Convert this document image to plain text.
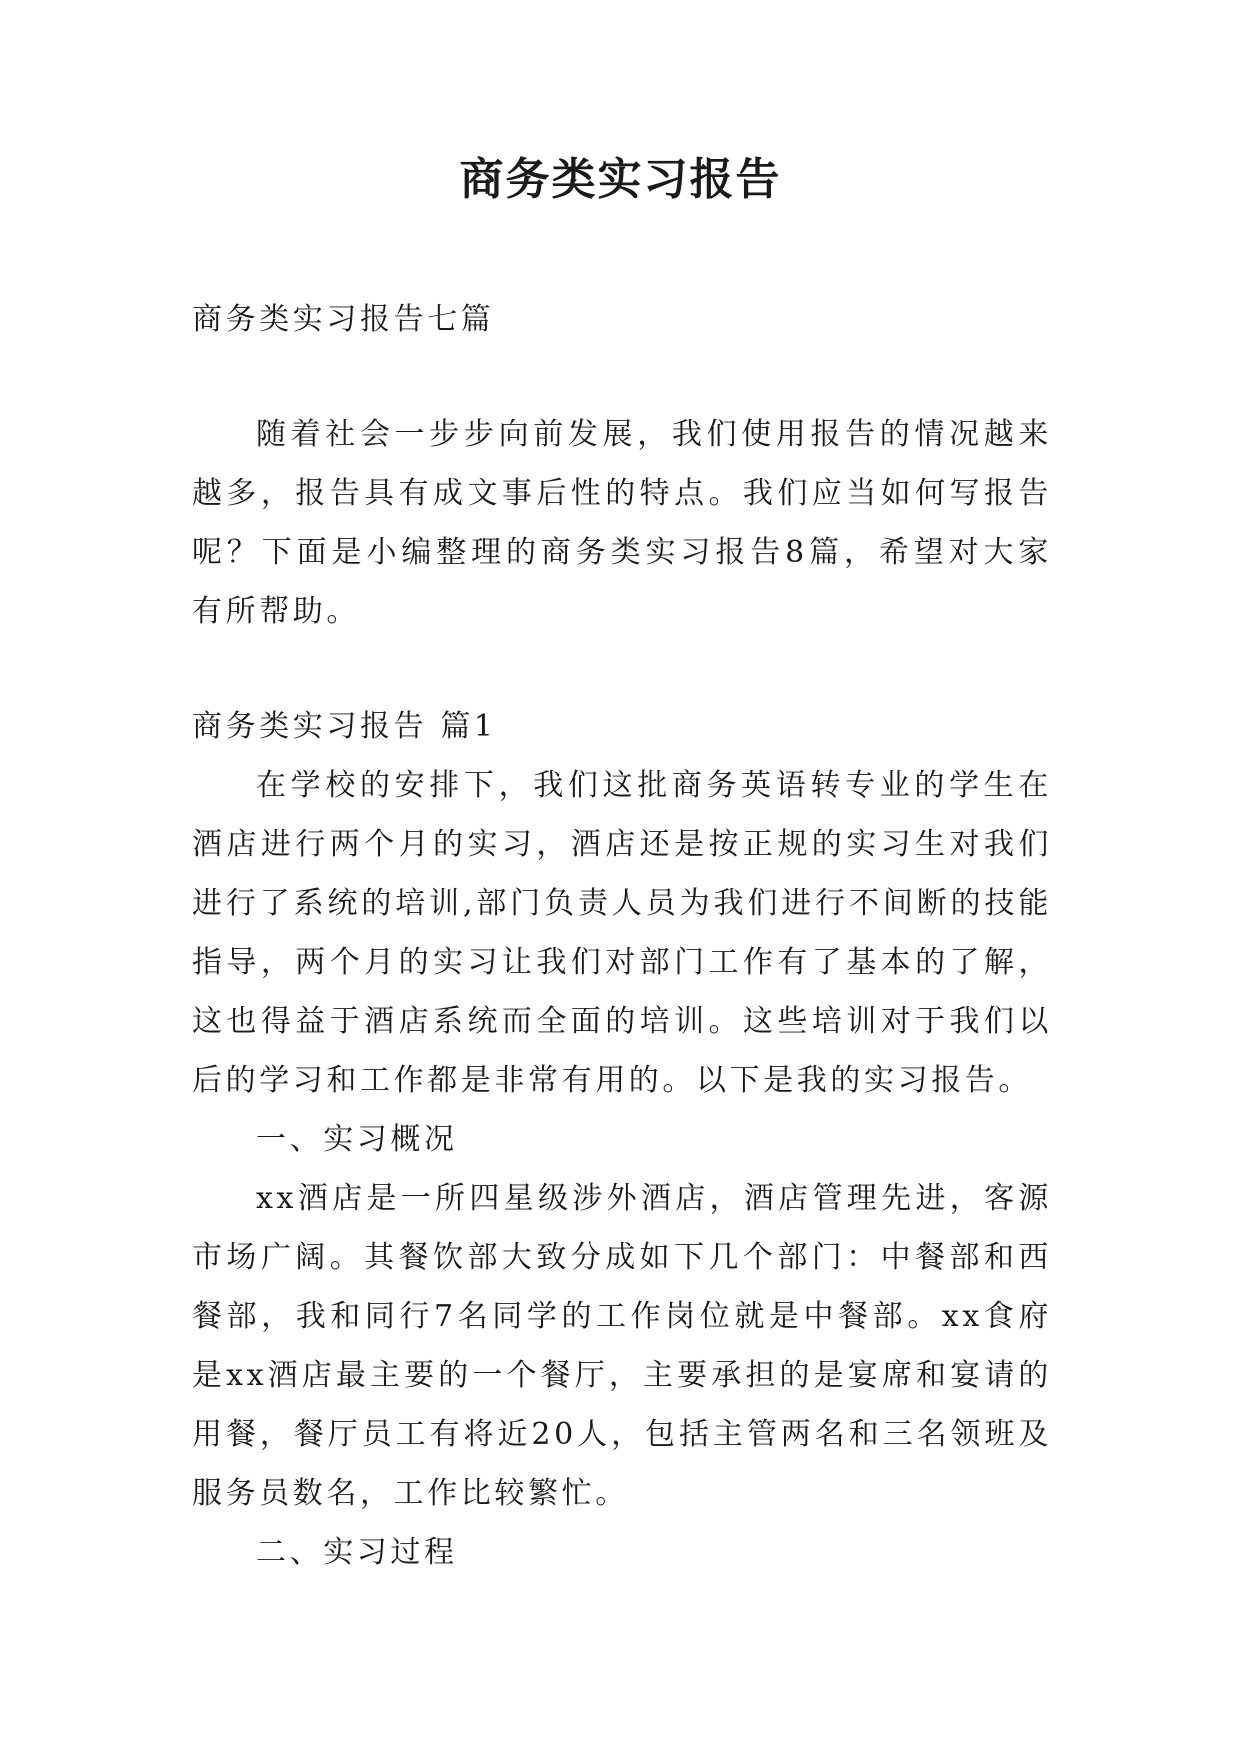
商务类实习报告

商务类实习报告七篇

随着社会一步步向前发展，我们使用报告的情况越来越多，报告具有成文事后性的特点。我们应当如何写报告呢？下面是小编整理的商务类实习报告8篇，希望对大家有所帮助。

商务类实习报告 篇1

在学校的安排下，我们这批商务英语转专业的学生在酒店进行两个月的实习，酒店还是按正规的实习生对我们进行了系统的培训,部门负责人员为我们进行不间断的技能指导，两个月的实习让我们对部门工作有了基本的了解，这也得益于酒店系统而全面的培训。这些培训对于我们以后的学习和工作都是非常有用的。以下是我的实习报告。

一、实习概况

xx酒店是一所四星级涉外酒店，酒店管理先进，客源市场广阔。其餐饮部大致分成如下几个部门：中餐部和西餐部，我和同行7名同学的工作岗位就是中餐部。xx食府是xx酒店最主要的一个餐厅，主要承担的是宴席和宴请的用餐，餐厅员工有将近20人，包括主管两名和三名领班及服务员数名，工作比较繁忙。

二、实习过程
